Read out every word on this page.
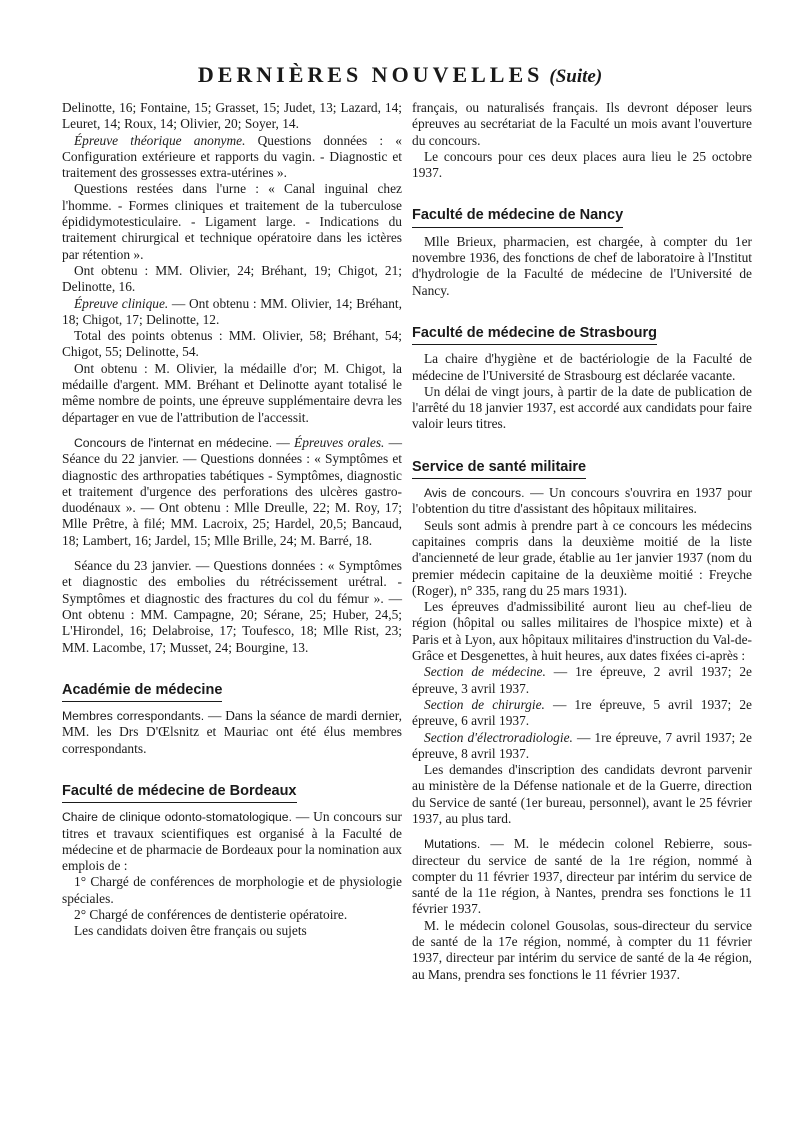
DERNIÈRES NOUVELLES (Suite)

Delinotte, 16; Fontaine, 15; Grasset, 15; Judet, 13; Lazard, 14; Leuret, 14; Roux, 14; Olivier, 20; Soyer, 14.

Épreuve théorique anonyme. Questions données : « Configuration extérieure et rapports du vagin. - Diagnostic et traitement des grossesses extra-utérines ».

Questions restées dans l'urne : « Canal inguinal chez l'homme. - Formes cliniques et traitement de la tuberculose épididymotesticulaire. - Ligament large. - Indications du traitement chirurgical et technique opératoire dans les ictères par rétention ».

Ont obtenu : MM. Olivier, 24; Bréhant, 19; Chigot, 21; Delinotte, 16.

Épreuve clinique. — Ont obtenu : MM. Olivier, 14; Bréhant, 18; Chigot, 17; Delinotte, 12.

Total des points obtenus : MM. Olivier, 58; Bréhant, 54; Chigot, 55; Delinotte, 54.

Ont obtenu : M. Olivier, la médaille d'or; M. Chigot, la médaille d'argent. MM. Bréhant et Delinotte ayant totalisé le même nombre de points, une épreuve supplémentaire devra les départager en vue de l'attribution de l'accessit.

Concours de l'internat en médecine. — Épreuves orales. — Séance du 22 janvier. — Questions données : « Symptômes et diagnostic des arthropaties tabétiques - Symptômes, diagnostic et traitement d'urgence des perforations des ulcères gastro-duodénaux ». — Ont obtenu : Mlle Dreulle, 22; M. Roy, 17; Mlle Prêtre, à filé; MM. Lacroix, 25; Hardel, 20,5; Bancaud, 18; Lambert, 16; Jardel, 15; Mlle Brille, 24; M. Barré, 18.

Séance du 23 janvier. — Questions données : « Symptômes et diagnostic des embolies du rétrécissement urétral. - Symptômes et diagnostic des fractures du col du fémur ». — Ont obtenu : MM. Campagne, 20; Sérane, 25; Huber, 24,5; L'Hirondel, 16; Delabroise, 17; Toufesco, 18; Mlle Rist, 23; MM. Lacombe, 17; Musset, 24; Bourgine, 13.

Académie de médecine

Membres correspondants. — Dans la séance de mardi dernier, MM. les Drs D'Œlsnitz et Mauriac ont été élus membres correspondants.

Faculté de médecine de Bordeaux

Chaire de clinique odonto-stomatologique. — Un concours sur titres et travaux scientifiques est organisé à la Faculté de médecine et de pharmacie de Bordeaux pour la nomination aux emplois de :

1° Chargé de conférences de morphologie et de physiologie spéciales.

2° Chargé de conférences de dentisterie opératoire.

Les candidats doiven être français ou sujets

français, ou naturalisés français. Ils devront déposer leurs épreuves au secrétariat de la Faculté un mois avant l'ouverture du concours.

Le concours pour ces deux places aura lieu le 25 octobre 1937.

Faculté de médecine de Nancy

Mlle Brieux, pharmacien, est chargée, à compter du 1er novembre 1936, des fonctions de chef de laboratoire à l'Institut d'hydrologie de la Faculté de médecine de l'Université de Nancy.

Faculté de médecine de Strasbourg

La chaire d'hygiène et de bactériologie de la Faculté de médecine de l'Université de Strasbourg est déclarée vacante.

Un délai de vingt jours, à partir de la date de publication de l'arrêté du 18 janvier 1937, est accordé aux candidats pour faire valoir leurs titres.

Service de santé militaire

Avis de concours. — Un concours s'ouvrira en 1937 pour l'obtention du titre d'assistant des hôpitaux militaires.

Seuls sont admis à prendre part à ce concours les médecins capitaines compris dans la deuxième moitié de la liste d'ancienneté de leur grade, établie au 1er janvier 1937 (nom du premier médecin capitaine de la deuxième moitié : Freyche (Roger), n° 335, rang du 25 mars 1931).

Les épreuves d'admissibilité auront lieu au chef-lieu de région (hôpital ou salles militaires de l'hospice mixte) et à Paris et à Lyon, aux hôpitaux militaires d'instruction du Val-de-Grâce et Desgenettes, à huit heures, aux dates fixées ci-après :

Section de médecine. — 1re épreuve, 2 avril 1937; 2e épreuve, 3 avril 1937.

Section de chirurgie. — 1re épreuve, 5 avril 1937; 2e épreuve, 6 avril 1937.

Section d'électroradiologie. — 1re épreuve, 7 avril 1937; 2e épreuve, 8 avril 1937.

Les demandes d'inscription des candidats devront parvenir au ministère de la Défense nationale et de la Guerre, direction du Service de santé (1er bureau, personnel), avant le 25 février 1937, au plus tard.

Mutations. — M. le médecin colonel Rebierre, sous-directeur du service de santé de la 1re région, nommé à compter du 11 février 1937, directeur par intérim du service de santé de la 11e région, à Nantes, prendra ses fonctions le 11 février 1937.

M. le médecin colonel Gousolas, sous-directeur du service de santé de la 17e région, nommé, à compter du 11 février 1937, directeur par intérim du service de santé de la 4e région, au Mans, prendra ses fonctions le 11 février 1937.
